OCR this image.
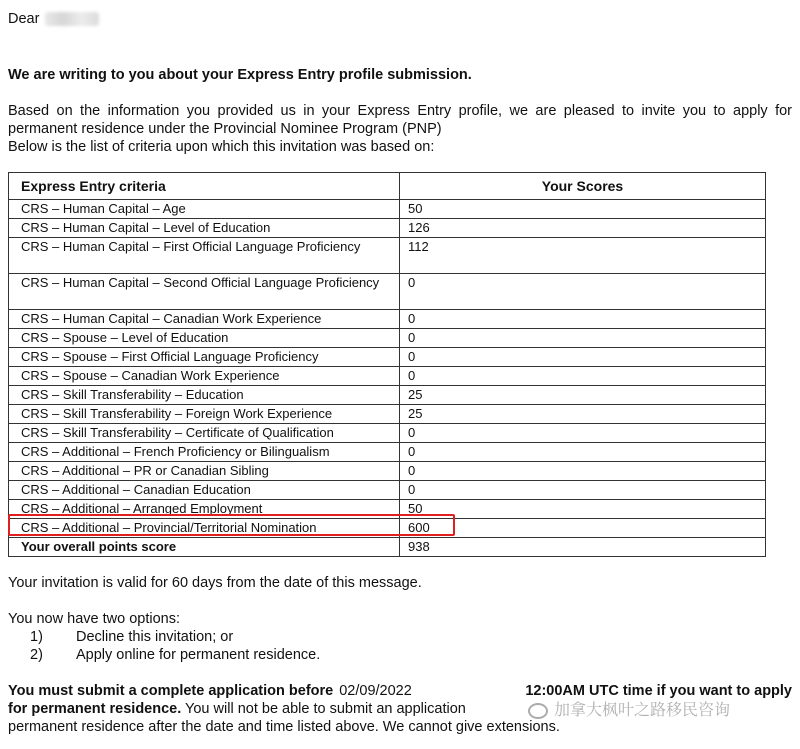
Dear
We are writing to you about your Express Entry profile submission.

Based on the information you provided us in your Express Entry profile, we are pleased to invite you to apply for

permanent residence under the Provincial Nominee Program (PNP)

Below is the list of criteria upon which this invitation was based on:

Express Entry criteria	Your Scores
CRS – Human Capital – Age	50
CRS – Human Capital – Level of Education	126
CRS – Human Capital – First Official Language Proficiency	112
CRS – Human Capital – Second Official Language Proficiency	0
CRS – Human Capital – Canadian Work Experience	0
CRS – Spouse – Level of Education	0
CRS – Spouse – First Official Language Proficiency	0
CRS – Spouse – Canadian Work Experience	0
CRS – Skill Transferability – Education	25
CRS – Skill Transferability – Foreign Work Experience	25
CRS – Skill Transferability – Certificate of Qualification	0
CRS – Additional – French Proficiency or Bilingualism	0
CRS – Additional – PR or Canadian Sibling	0
CRS – Additional – Canadian Education	0
CRS – Additional – Arranged Employment	50
CRS – Additional – Provincial/Territorial Nomination	600
Your overall points score	938
Your invitation is valid for 60 days from the date of this message.
You now have two options:
1)	Decline this invitation; or
2)	Apply online for permanent residence.

You must submit a complete application before 02/09/2022	12:00AM UTC time if you want to apply

for permanent residence. You will not be able to submit an application

permanent residence after the date and time listed above. We cannot give extensions.

加拿大枫叶之路移民咨询
